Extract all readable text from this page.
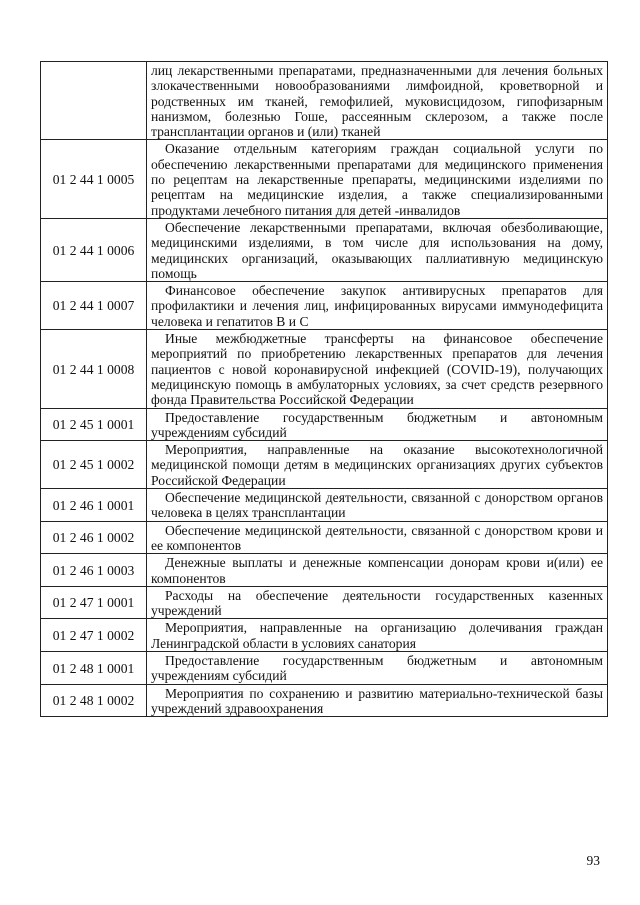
	лиц лекарственными препаратами, предназначенными для лечения больных злокачественными новообразованиями лимфоидной, кроветворной и родственных им тканей, гемофилией, муковисцидозом, гипофизарным нанизмом, болезнью Гоше, рассеянным склерозом, а также после трансплантации органов и (или) тканей
01 2 44 1 0005	Оказание отдельным категориям граждан социальной услуги по обеспечению лекарственными препаратами для медицинского применения по рецептам на лекарственные препараты, медицинскими изделиями по рецептам на медицинские изделия, а также специализированными продуктами лечебного питания для детей -инвалидов
01 2 44 1 0006	Обеспечение лекарственными препаратами, включая обезболивающие, медицинскими изделиями, в том числе для использования на дому, медицинских организаций, оказывающих паллиативную медицинскую помощь
01 2 44 1 0007	Финансовое обеспечение закупок антивирусных препаратов для профилактики и лечения лиц, инфицированных вирусами иммунодефицита человека и гепатитов В и С
01 2 44 1 0008	Иные межбюджетные трансферты на финансовое обеспечение мероприятий по приобретению лекарственных препаратов для лечения пациентов с новой коронавирусной инфекцией (COVID-19), получающих медицинскую помощь в амбулаторных условиях, за счет средств резервного фонда Правительства Российской Федерации
01 2 45 1 0001	Предоставление государственным бюджетным и автономным учреждениям субсидий
01 2 45 1 0002	Мероприятия, направленные на оказание высокотехнологичной медицинской помощи детям в медицинских организациях других субъектов Российской Федерации
01 2 46 1 0001	Обеспечение медицинской деятельности, связанной с донорством органов человека в целях трансплантации
01 2 46 1 0002	Обеспечение медицинской деятельности, связанной с донорством крови и ее компонентов
01 2 46 1 0003	Денежные выплаты и денежные компенсации донорам крови и(или) ее компонентов
01 2 47 1 0001	Расходы на обеспечение деятельности государственных казенных учреждений
01 2 47 1 0002	Мероприятия, направленные на организацию долечивания граждан Ленинградской области в условиях санатория
01 2 48 1 0001	Предоставление государственным бюджетным и автономным учреждениям субсидий
01 2 48 1 0002	Мероприятия по сохранению и развитию материально-технической базы учреждений здравоохранения
93
